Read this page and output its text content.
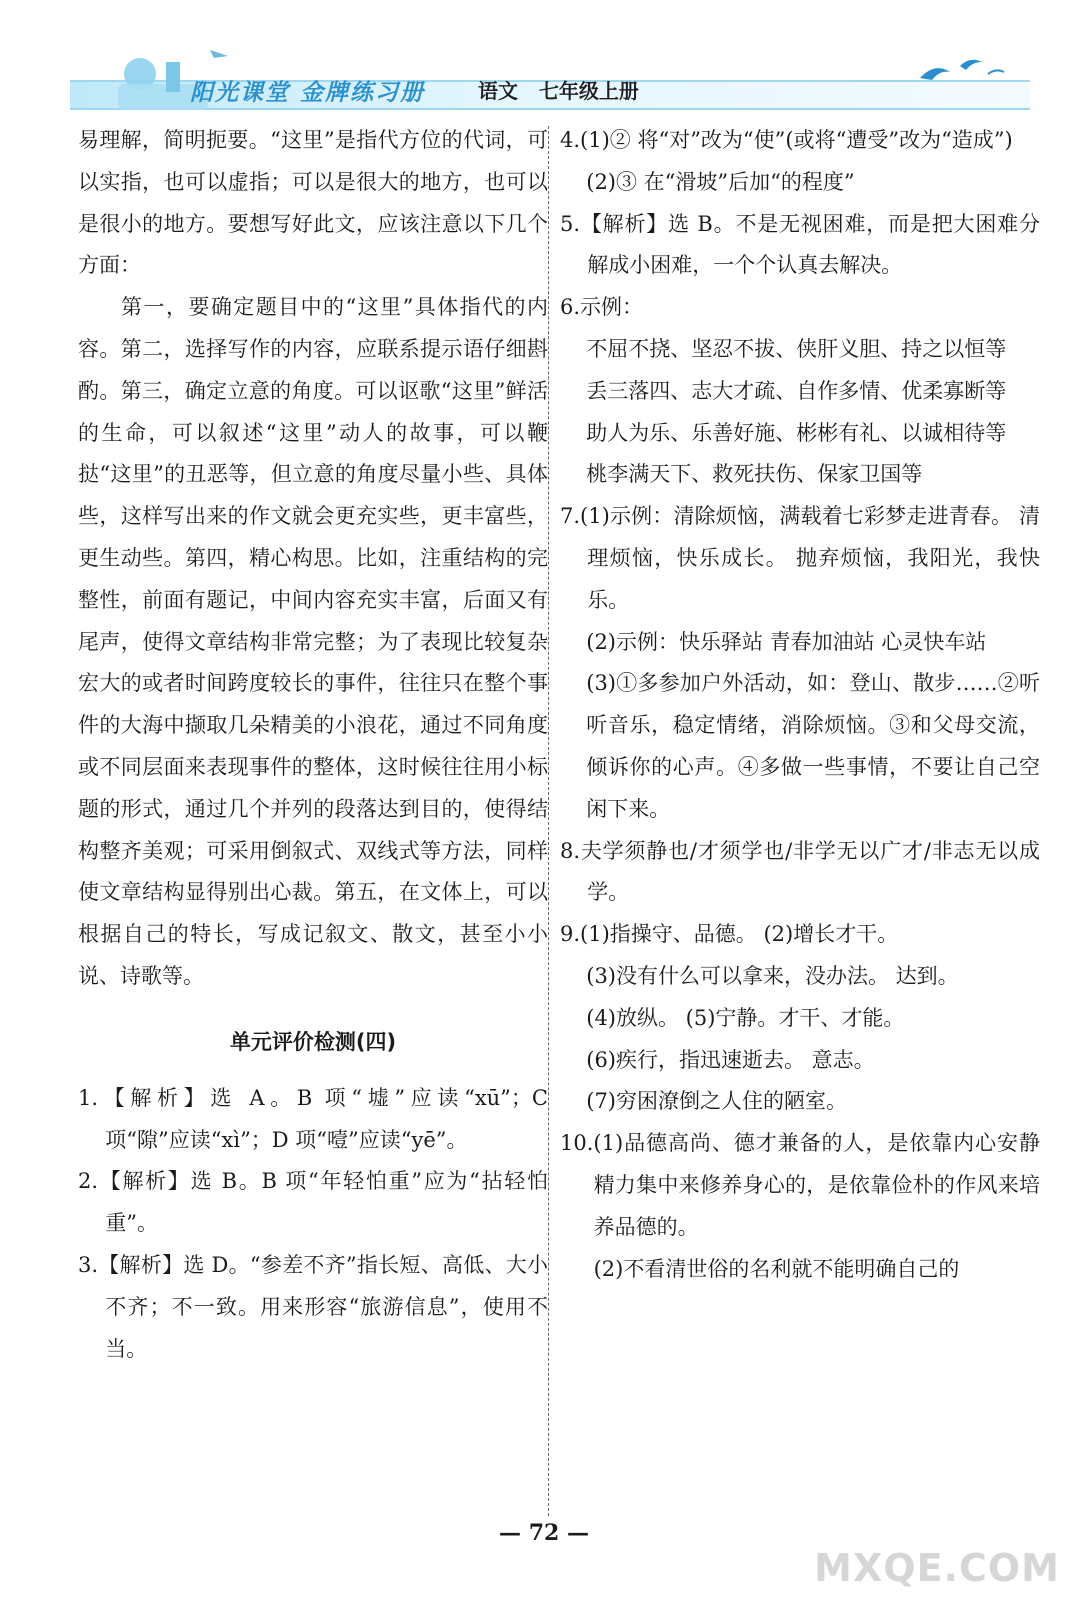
阳光课堂 金牌练习册	语文   七年级上册

易理解，简明扼要。“这里”是指代方位的代词，可以实指，也可以虚指；可以是很大的地方，也可以是很小的地方。要想写好此文，应该注意以下几个方面：

第一，要确定题目中的“这里”具体指代的内容。第二，选择写作的内容，应联系提示语仔细斟酌。第三，确定立意的角度。可以讴歌“这里”鲜活的生命，可以叙述“这里”动人的故事，可以鞭挞“这里”的丑恶等，但立意的角度尽量小些、具体些，这样写出来的作文就会更充实些，更丰富些，更生动些。第四，精心构思。比如，注重结构的完整性，前面有题记，中间内容充实丰富，后面又有尾声，使得文章结构非常完整；为了表现比较复杂宏大的或者时间跨度较长的事件，往往只在整个事件的大海中撷取几朵精美的小浪花，通过不同角度或不同层面来表现事件的整体，这时候往往用小标题的形式，通过几个并列的段落达到目的，使得结构整齐美观；可采用倒叙式、双线式等方法，同样使文章结构显得别出心裁。第五，在文体上，可以根据自己的特长，写成记叙文、散文，甚至小小说、诗歌等。

单元评价检测(四)

1.【解析】选 A。B 项“墟”应读“xū”；C 项“隙”应读“xì”；D 项“噎”应读“yē”。

2.【解析】选 B。B 项“年轻怕重”应为“拈轻怕重”。

3.【解析】选 D。“参差不齐”指长短、高低、大小不齐；不一致。用来形容“旅游信息”，使用不当。

4.(1)② 将“对”改为“使”(或将“遭受”改为“造成”)

(2)③ 在“滑坡”后加“的程度”

5.【解析】选 B。不是无视困难，而是把大困难分解成小困难，一个个认真去解决。

6.示例：

不屈不挠、坚忍不拔、侠肝义胆、持之以恒等

丢三落四、志大才疏、自作多情、优柔寡断等

助人为乐、乐善好施、彬彬有礼、以诚相待等

桃李满天下、救死扶伤、保家卫国等

7.(1)示例：清除烦恼，满载着七彩梦走进青春。 清理烦恼，快乐成长。 抛弃烦恼，我阳光，我快乐。

(2)示例：快乐驿站 青春加油站 心灵快车站

(3)①多参加户外活动，如：登山、散步……②听听音乐，稳定情绪，消除烦恼。③和父母交流，倾诉你的心声。④多做一些事情，不要让自己空闲下来。

8.夫学须静也/才须学也/非学无以广才/非志无以成学。

9.(1)指操守、品德。 (2)增长才干。

(3)没有什么可以拿来，没办法。 达到。

(4)放纵。 (5)宁静。才干、才能。

(6)疾行，指迅速逝去。 意志。

(7)穷困潦倒之人住的陋室。

10.(1)品德高尚、德才兼备的人，是依靠内心安静精力集中来修养身心的，是依靠俭朴的作风来培养品德的。

(2)不看清世俗的名利就不能明确自己的

— 72 —
MXQE.COM
